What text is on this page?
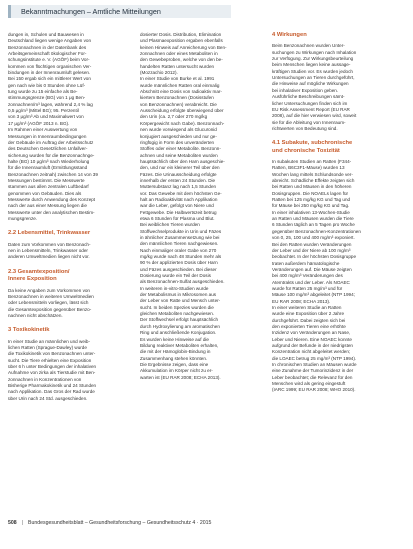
Bekanntmachungen – Amtliche Mitteilungen
dungen in, Schulen und Bauwesen in
Deutschland liegen wenige Angaben von
Benzonnachnen in der Datenbank des
Arbeitsgemeinschaft ökologischer For-
schungsinstitute e. V. (AGÖF) beim Vor-
kommen von flüchtigen organischen Ver-
bindungen in der Innenraumluft gelesen.
Bei 150 ergab sich ein mittlerer Wert von
gen nach wie bis 0 Stunden ohne Lüf-
tung wurde zu 15 einfache als Be-
stimmungsgrenze (BG) von 1 μg Ben-
zonnachnen/m³ lagen, während 2,4 % lag
0,5 μg/m³ (Mittel BG); 95. Perzentil
von 3 μg/m³ Ab und Maximalwert von
17 μg/m³ (AGÖF 2013 n. BG).
Im Rahmen einer Auswertung von
Messungen in Innenraumbedingungen
der Gebäude im Auftrag der Arbeitsschutz
des Deutschen Gesetzlichen Unfallver-
sicherung wurden für die Benzonnachnge-
halte (BG) 10 μg/m³ nach Wiederholung
für die Innenraumluft (Ermittlungsstand
Benzonachnen zeitnah) zwischen 14 von 39
Messungen bestimmt. Die Messwerte
stammen aus allen zentralen Luftbedarf
genommen von Gebäuden. Dies als
Messwerte durch Anwendung des Konzept
nach der aus einer Messung liegen die
Messwerte unter den analytischen Bestim-
mungsgrenze.
2.2 Lebensmittel, Trinkwasser
Daten zum Vorkommen von Benzonach-
nen in Lebensmitteln, Trinkwasser oder
anderen Umweltmedien liegen nicht vor.
2.3 Gesamtexposition/
Innere Exposition
Da keine Angaben zum Vorkommen von
Benzonachnen in weiteren Umweltmedien
oder Lebensmitteln vorliegen, lässt sich
die Gesamtexposition gegenüber Benzo-
nachnen nicht abschätzen.
3 Toxikokinetik
In einer Studie an männlichen und weib-
lichen Ratten (Sprague-Dawley) wurde
die Toxikokinetik von Benzonachnen unter-
sucht. Die Tiere erhielten eine Exposition
über 6 h unter Bedingungen der inhalativen
Aufnahme von zirka als Tierstudie mit Ben-
zonnachnen in Konzentrationen von
Bisherige Pharmakokinetik und 24 Stunden
nach Applikation. Das Gros der Rad wurde
über Urin nach 24 Std. ausgeschieden.
dosierter Dosis. Distribution, Elimination
und Plasmaexposition ergaben ebenfalls
keinen Hinweis auf Anreicherung von Ben-
zonnachnen oder eines Metaboliten in
den Gewebeproben, welche von den be-
handelten Ratten untersucht wurden
(Mozzachio 2012).
In einer Studie von Burke et al. 1991
wurde männlichen Ratten oral einmalig
Abschnitt eine Dosis von radioaktiv mar-
kiertem Benzonachnen (Dosisstufen
von Benzonnachnen) verabreicht. Die
Ausscheidung erfolgte überwiegend über
den Urin (ca. 2,7 oder 270 mg/kg
Körpergewicht nach Gabe). Benzonnach-
nen wurde vorwiegend als Glucuronid
konjugiert ausgeschieden und nur ge-
ringfügig in Form des unveränderten
Stoffes oder einer Metabolite. Benzonn-
achnen und seine Metaboliten wurden
hauptsächlich über den Harn ausgeschie-
den, und nur ein kleinerer Teil über den
Fäzes. Die Urinausscheidung erfolgte
innerhalb der ersten 24 Stunden. Die
Muttersubstanz lag nach 1,5 Stunden
vor. Das Gewebe mit dem höchsten Ge-
halt an Radioaktivität nach Applikation
war die Leber, gefolgt von Niere und
Fettgewebe. Die Halbwertszeit betrug
etwa 6 Stunden für Plasma und Blut.
Bei weiblichen Tieren wurden
Stoffwechselprodukte in Urin und Fäzes
in ähnlicher Zusammensetzung wie bei
den männlichen Tieren nachgewiesen.
Nach einmaliger oraler Gabe von 270
mg/kg wurde nach 48 Stunden mehr als
90 % der applizierten Dosis über Harn
und Fäzes ausgeschieden. Bei dieser
Dosierung wurde ein Teil der Dosis
als Benzonachnen-Sulfat ausgeschieden.
In weiteren in-vitro-Studien wurde
der Metabolismus in Mikrosomen aus
der Leber von Ratte und Mensch unter-
sucht. In beiden Spezies wurden die
gleichen Metaboliten nachgewiesen.
Der Stoffwechsel erfolgt hauptsächlich
durch Hydroxylierung am aromatischen
Ring und anschließende Konjugation.
Es wurden keine Hinweise auf die
Bildung reaktiver Metaboliten erhalten,
die mit der Hämoglobin-Bindung in
Zusammenhang stehen könnten.
Die Ergebnisse zeigen, dass eine
Akkumulation im Körper nicht zu er-
warten ist (EU RAR 2008; ECHA 2013).
4 Wirkungen
Beim Benzonachnen wurden Unter-
suchungen zu Wirkungen nach Inhalation
zur Verfügung. Zur Wirkungsbeurteilung
beim Menschen liegen keine aussage-
kräftigen Studien vor. Es wurden jedoch
Untersuchungen an Tieren durchgeführt,
die Hinweise auf mögliche Wirkungen
bei inhalativer Exposition geben.
Ausführliche Beschreibungen sämt-
licher Untersuchungen finden sich im
EU Risk Assessment Report (EU RAR
2008), auf die hier verwiesen wird, soweit
sie für die Ableitung von Innenraum-
richtwerten von Bedeutung sind.
4.1 Subakute, subchronische
und chronische Toxizität
In subakuten Studien an Ratten (F344-
Ratten, B6C3F1-Mäuse) wurden 13
Wochen lang mittels Schlundsonde ver-
abreicht. Schädliche Effekte zeigten sich
bei Ratten und Mäusen in den höheren
Dosisgruppen. Die NOAELs lagen für
Ratten bei 125 mg/kg KG und Tag und
für Mäuse bei 250 mg/kg KG und Tag.
In einer inhalativen 13-Wochen-Studie
an Ratten und Mäusen wurden die Tiere
6 Stunden täglich an 5 Tagen pro Woche
gegenüber Benzonachnen-Konzentrationen
von 0, 25, 100 und 400 mg/m³ exponiert.
Bei den Ratten wurden Veränderungen
der Leber und der Niere ab 100 mg/m³
beobachtet. In der höchsten Dosisgruppe
traten außerdem hämatologische
Veränderungen auf. Die Mäuse zeigten
bei 400 mg/m³ Veränderungen des
Atemtrakts und der Leber. Als NOAEC
wurde für Ratten 25 mg/m³ und für
Mäuse 100 mg/m³ abgeleitet (NTP 1994;
EU RAR 2008; ECHA 2013).
In einer weiteren Studie an Ratten
wurde eine Exposition über 2 Jahre
durchgeführt. Dabei zeigten sich bei
den exponierten Tieren eine erhöhte
Inzidenz von Veränderungen an Nase,
Leber und Nieren. Eine NOAEC konnte
aufgrund der Befunde in der niedrigsten
Konzentration nicht abgeleitet werden;
die LOAEC betrug 25 mg/m³ (NTP 1994).
In chronischen Studien an Mäusen wurde
eine Zunahme der Tumorinzidenz in der
Leber beobachtet; die Relevanz für den
Menschen wird als gering eingestuft
(IARC 1999; EU RAR 2008; WHO 2010).
508 | Bundesgesundheitsblatt – Gesundheitsforschung – Gesundheitsschutz 4 · 2015
